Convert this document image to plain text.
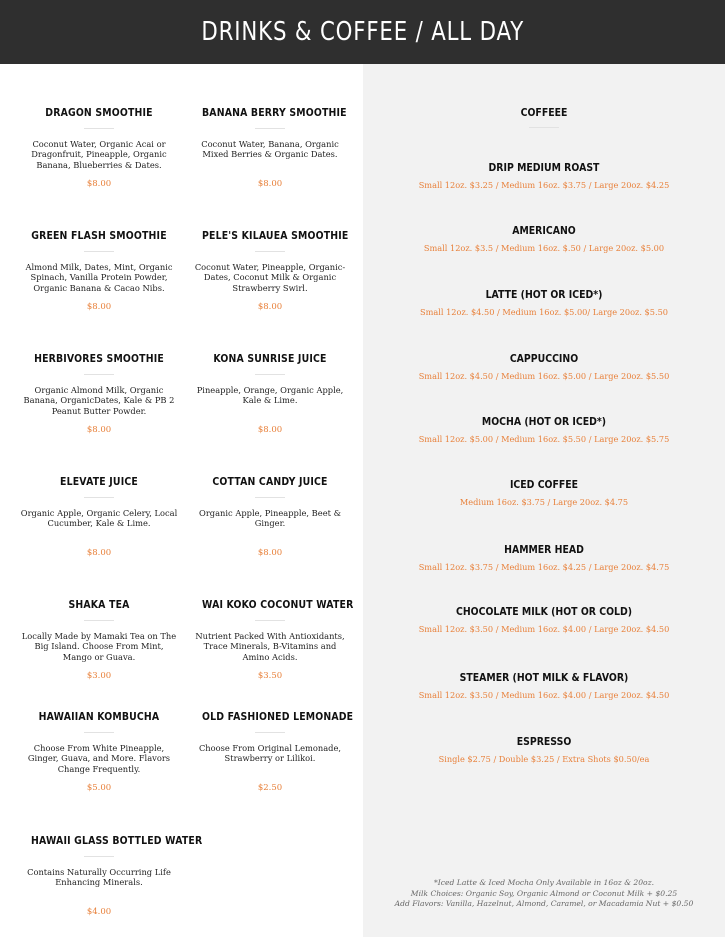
DRINKS & COFFEE / ALL DAY
DRAGON SMOOTHIE
Coconut Water, Organic Acai or Dragonfruit, Pineapple, Organic Banana, Blueberries & Dates.
$8.00
BANANA BERRY SMOOTHIE
Coconut Water, Banana, Organic Mixed Berries & Organic Dates.
$8.00
GREEN FLASH SMOOTHIE
Almond Milk, Dates, Mint, Organic Spinach, Vanilla Protein Powder, Organic Banana & Cacao Nibs.
$8.00
PELE'S KILAUEA SMOOTHIE
Coconut Water, Pineapple, Organic-Dates, Coconut Milk & Organic Strawberry Swirl.
$8.00
HERBIVORES SMOOTHIE
Organic Almond Milk, Organic Banana, OrganicDates, Kale & PB 2 Peanut Butter Powder.
$8.00
KONA SUNRISE JUICE
Pineapple, Orange, Organic Apple, Kale & Lime.
$8.00
ELEVATE JUICE
Organic Apple, Organic Celery, Local Cucumber, Kale & Lime.
$8.00
COTTAN CANDY JUICE
Organic Apple, Pineapple, Beet & Ginger.
$8.00
SHAKA TEA
Locally Made by Mamaki Tea on The Big Island. Choose From Mint, Mango or Guava.
$3.00
WAI KOKO COCONUT WATER
Nutrient Packed With Antioxidants, Trace Minerals, B-Vitamins and Amino Acids.
$3.50
HAWAIIAN KOMBUCHA
Choose From White Pineapple, Ginger, Guava, and More. Flavors Change Frequently.
$5.00
OLD FASHIONED LEMONADE
Choose From Original Lemonade, Strawberry or Lilikoi.
$2.50
HAWAII GLASS BOTTLED WATER
Contains Naturally Occurring Life Enhancing Minerals.
$4.00
COFFEEE
DRIP MEDIUM ROAST
Small 12oz. $3.25 / Medium 16oz. $3.75 / Large 20oz. $4.25
AMERICANO
Small 12oz. $3.5 / Medium 16oz. $.50 / Large 20oz. $5.00
LATTE (HOT OR ICED*)
Small 12oz. $4.50 / Medium 16oz. $5.00/ Large 20oz. $5.50
CAPPUCCINO
Small 12oz. $4.50 / Medium 16oz. $5.00 / Large 20oz. $5.50
MOCHA (HOT OR ICED*)
Small 12oz. $5.00 / Medium 16oz. $5.50 / Large 20oz. $5.75
ICED COFFEE
Medium 16oz. $3.75 / Large 20oz. $4.75
HAMMER HEAD
Small 12oz. $3.75 / Medium 16oz. $4.25 / Large 20oz. $4.75
CHOCOLATE MILK (HOT OR COLD)
Small 12oz. $3.50 / Medium 16oz. $4.00 / Large 20oz. $4.50
STEAMER (HOT MILK & FLAVOR)
Small 12oz. $3.50 / Medium 16oz. $4.00 / Large 20oz. $4.50
ESPRESSO
Single $2.75 / Double $3.25 / Extra Shots $0.50/ea
*Iced Latte & Iced Mocha Only Available in 16oz & 20oz.
Milk Choices: Organic Soy, Organic Almond or Coconut Milk + $0.25
Add Flavors: Vanilla, Hazelnut, Almond, Caramel, or Macadamia Nut + $0.50
